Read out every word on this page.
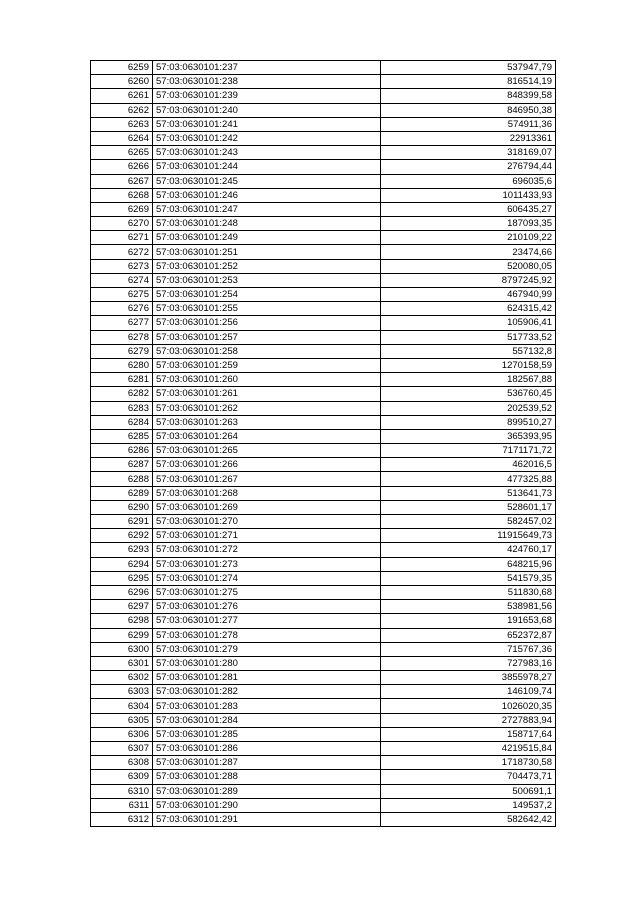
6259	57:03:0630101:237	537947,79
6260	57:03:0630101:238	816514,19
6261	57:03:0630101:239	848399,58
6262	57:03:0630101:240	846950,38
6263	57:03:0630101:241	574911,36
6264	57:03:0630101:242	22913361
6265	57:03:0630101:243	318169,07
6266	57:03:0630101:244	276794,44
6267	57:03:0630101:245	696035,6
6268	57:03:0630101:246	1011433,93
6269	57:03:0630101:247	606435,27
6270	57:03:0630101:248	187093,35
6271	57:03:0630101:249	210109,22
6272	57:03:0630101:251	23474,66
6273	57:03:0630101:252	520080,05
6274	57:03:0630101:253	8797245,92
6275	57:03:0630101:254	467940,99
6276	57:03:0630101:255	624315,42
6277	57:03:0630101:256	105906,41
6278	57:03:0630101:257	517733,52
6279	57:03:0630101:258	557132,8
6280	57:03:0630101:259	1270158,59
6281	57:03:0630101:260	182567,88
6282	57:03:0630101:261	536760,45
6283	57:03:0630101:262	202539,52
6284	57:03:0630101:263	899510,27
6285	57:03:0630101:264	365393,95
6286	57:03:0630101:265	7171171,72
6287	57:03:0630101:266	462016,5
6288	57:03:0630101:267	477325,88
6289	57:03:0630101:268	513641,73
6290	57:03:0630101:269	528601,17
6291	57:03:0630101:270	582457,02
6292	57:03:0630101:271	11915649,73
6293	57:03:0630101:272	424760,17
6294	57:03:0630101:273	648215,96
6295	57:03:0630101:274	541579,35
6296	57:03:0630101:275	511830,68
6297	57:03:0630101:276	538981,56
6298	57:03:0630101:277	191653,68
6299	57:03:0630101:278	652372,87
6300	57:03:0630101:279	715767,36
6301	57:03:0630101:280	727983,16
6302	57:03:0630101:281	3855978,27
6303	57:03:0630101:282	146109,74
6304	57:03:0630101:283	1026020,35
6305	57:03:0630101:284	2727883,94
6306	57:03:0630101:285	158717,64
6307	57:03:0630101:286	4219515,84
6308	57:03:0630101:287	1718730,58
6309	57:03:0630101:288	704473,71
6310	57:03:0630101:289	500691,1
6311	57:03:0630101:290	149537,2
6312	57:03:0630101:291	582642,42
